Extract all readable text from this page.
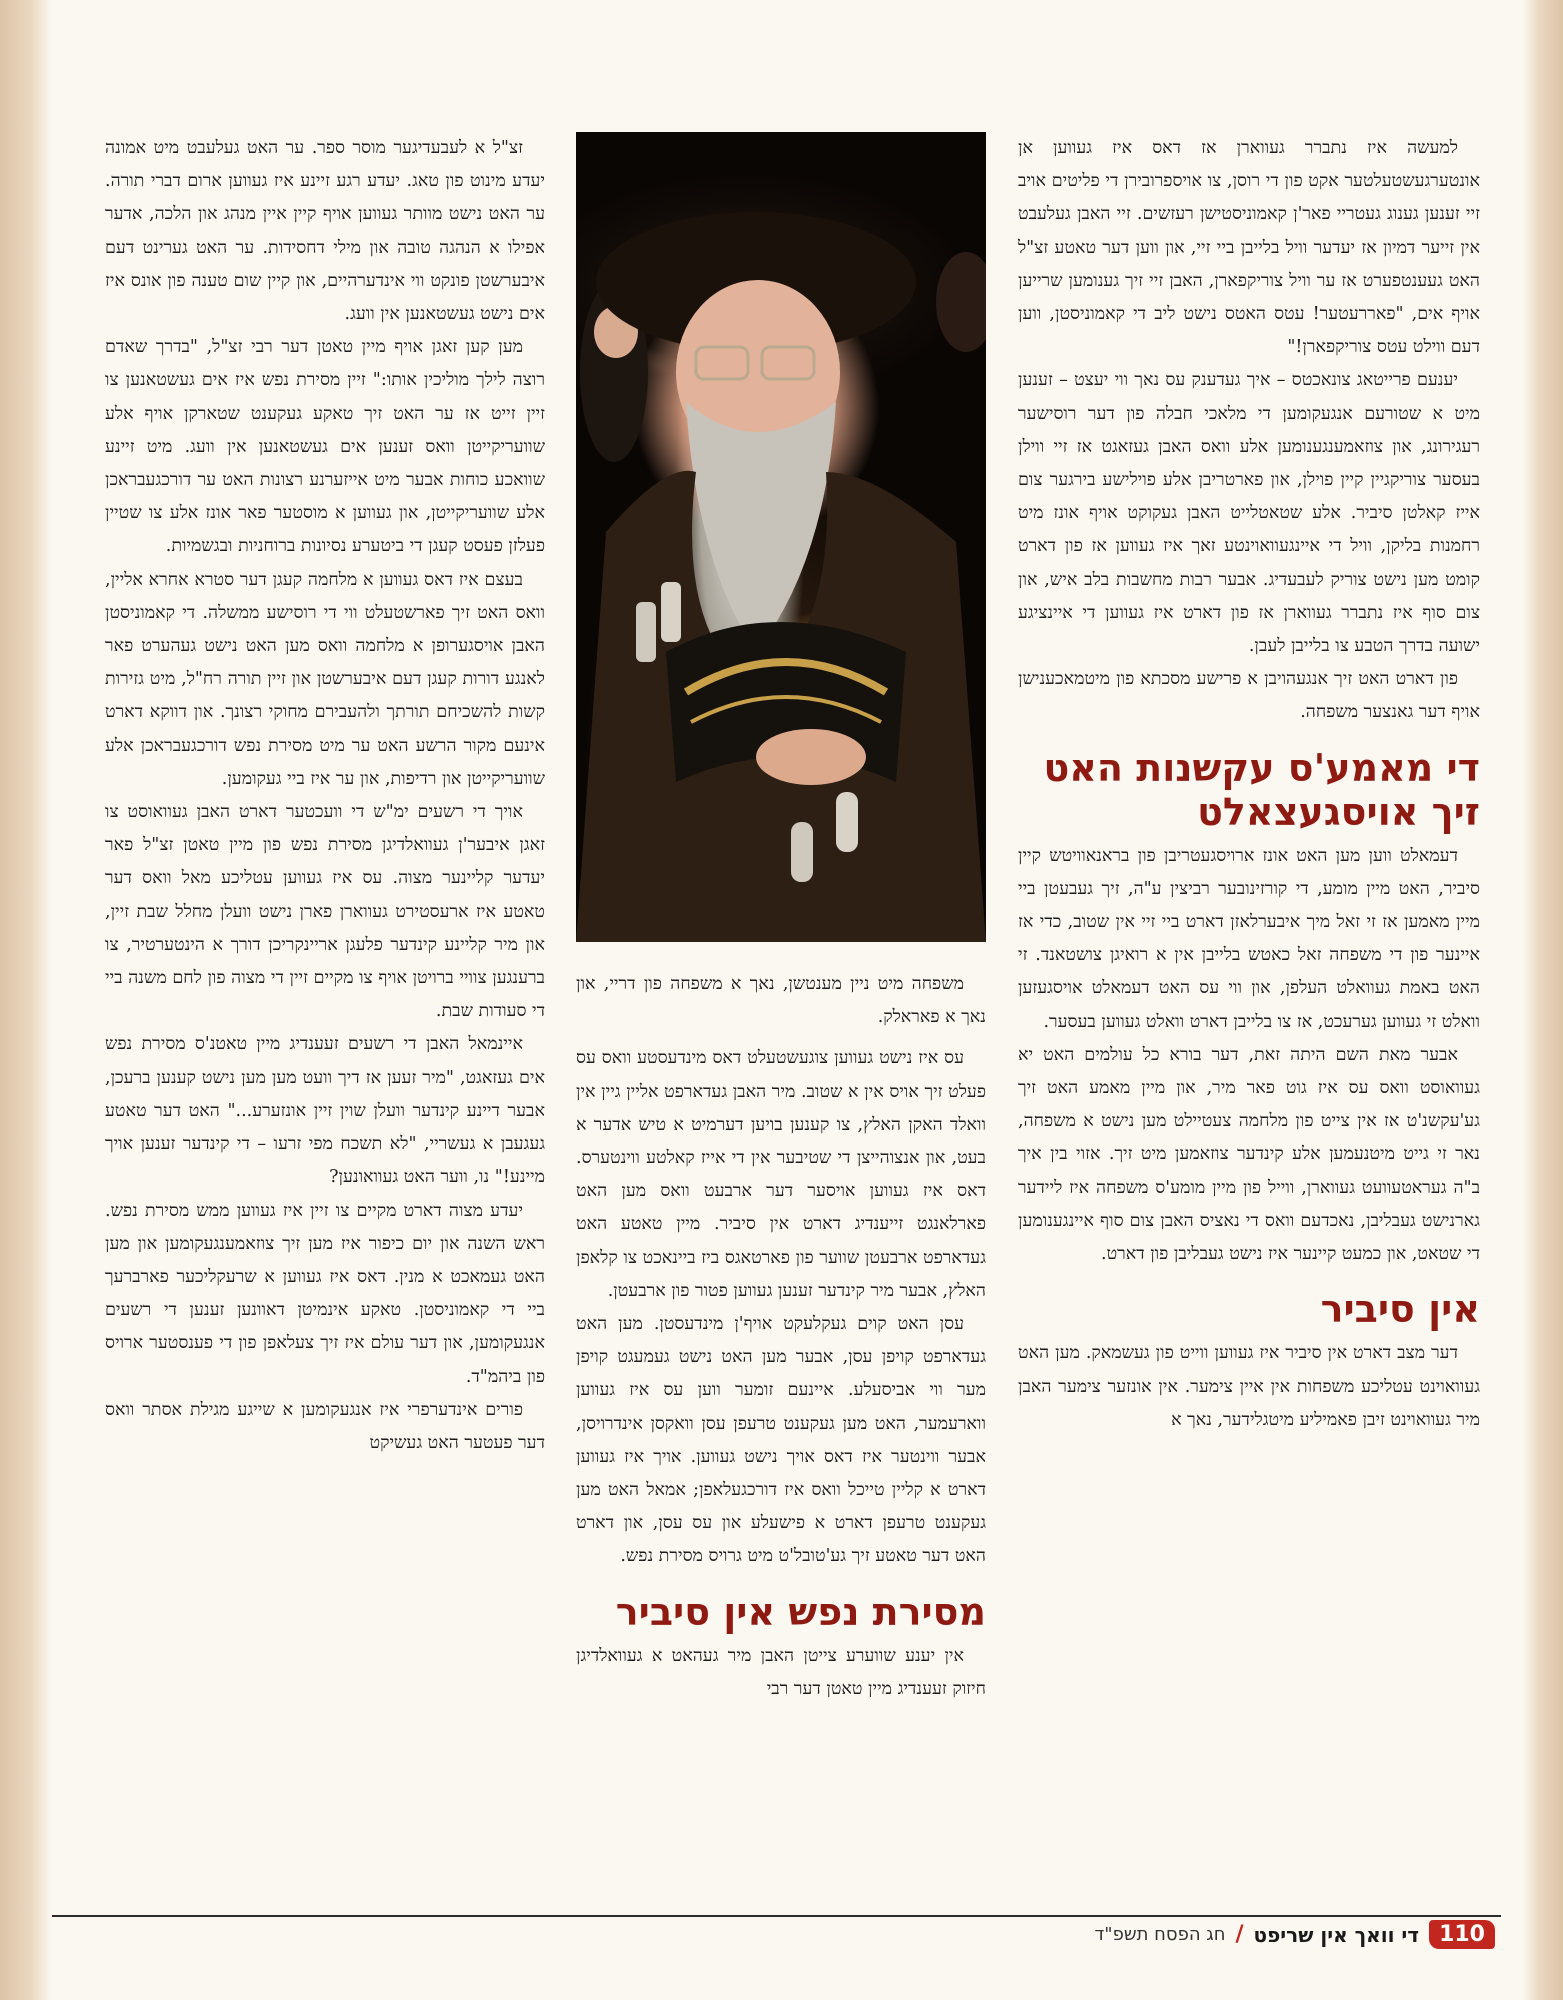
למעשה איז נתברר געווארן אז דאס איז געווען אן אונטערגעשטעלטער אקט פון די רוסן, צו אויספרובירן די פליטים אויב זיי זענען גענוג געטריי פאר'ן קאמוניסטישן רעזשים. זיי האבן געלעבט אין זייער דמיון אז יעדער וויל בלייבן ביי זיי, און ווען דער טאטע זצ"ל האט געענטפערט אז ער וויל צוריקפארן, האבן זיי זיך גענומען שרייען אויף אים, "פאררעטער! עטס האטס נישט ליב די קאמוניסטן, ווען דעם ווילט עטס צוריקפארן!"

יענעם פרייטאג צונאכטס – איך געדענק עס נאך ווי יעצט – זענען מיט א שטורעם אנגעקומען די מלאכי חבלה פון דער רוסישער רעגירונג, און צוזאמענגענומען אלע וואס האבן געזאגט אז זיי ווילן בעסער צוריקגיין קיין פוילן, און פארטריבן אלע פוילישע בירגער צום אייז קאלטן סיביר. אלע שטאטלייט האבן געקוקט אויף אונז מיט רחמנות בליקן, וויל די איינגעוואוינטע זאך איז געווען אז פון דארט קומט מען נישט צוריק לעבעדיג. אבער רבות מחשבות בלב איש, און צום סוף איז נתברר געווארן אז פון דארט איז געווען די איינציגע ישועה בדרך הטבע צו בלייבן לעבן.

פון דארט האט זיך אנגעהויבן א פרישע מסכתא פון מיטמאכענישן אויף דער גאנצער משפחה.

די מאמע'ס עקשנות האט זיך אויסגעצאלט

דעמאלט ווען מען האט אונז ארויסגעטריבן פון בראנאוויטש קיין סיביר, האט מיין מומע, די קורזינובער רביצין ע"ה, זיך געבעטן ביי מיין מאמען אז זי זאל מיך איבערלאזן דארט ביי זיי אין שטוב, כדי אז איינער פון די משפחה זאל כאטש בלייבן אין א רואיגן צושטאנד. זי האט באמת געוואלט העלפן, און ווי עס האט דעמאלט אויסגעזען וואלט זי געווען גערעכט, אז צו בלייבן דארט וואלט געווען בעסער.

אבער מאת השם היתה זאת, דער בורא כל עולמים האט יא געוואוסט וואס עס איז גוט פאר מיר, און מיין מאמע האט זיך גע'עקשנ'ט אז אין צייט פון מלחמה צעטיילט מען נישט א משפחה, נאר זי גייט מיטנעמען אלע קינדער צוזאמען מיט זיך. אזוי בין איך ב"ה געראטעוועט געווארן, ווייל פון מיין מומע'ס משפחה איז ליידער גארנישט געבליבן, נאכדעם וואס די נאציס האבן צום סוף איינגענומען די שטאט, און כמעט קיינער איז נישט געבליבן פון דארט.

אין סיביר

דער מצב דארט אין סיביר איז געווען ווייט פון געשמאק. מען האט געוואוינט עטליכע משפחות אין איין צימער. אין אונזער צימער האבן מיר געוואוינט זיבן פאמיליע מיטגלידער, נאך א

משפחה מיט ניין מענטשן, נאך א משפחה פון דריי, און נאך א פאראלק.

עס איז נישט געווען צוגעשטעלט דאס מינדעסטע וואס עס פעלט זיך אויס אין א שטוב. מיר האבן געדארפט אליין גיין אין וואלד האקן האלץ, צו קענען בויען דערמיט א טיש אדער א בעט, און אנצוהייצן די שטיבער אין די אייז קאלטע ווינטערס. דאס איז געווען אויסער דער ארבעט וואס מען האט פארלאנגט זייענדיג דארט אין סיביר. מיין טאטע האט געדארפט ארבעטן שווער פון פארטאגס ביז ביינאכט צו קלאפן האלץ, אבער מיר קינדער זענען געווען פטור פון ארבעטן.

עסן האט קוים געקלעקט אויף'ן מינדעסטן. מען האט געדארפט קויפן עסן, אבער מען האט נישט געמעגט קויפן מער ווי אביסעלע. איינעם זומער ווען עס איז געווען ווארעמער, האט מען געקענט טרעפן עסן וואקסן אינדרויסן, אבער ווינטער איז דאס אויך נישט געווען. אויך איז געווען דארט א קליין טייכל וואס איז דורכגעלאפן; אמאל האט מען געקענט טרעפן דארט א פישעלע און עס עסן, און דארט האט דער טאטע זיך גע'טובל'ט מיט גרויס מסירת נפש.

מסירת נפש אין סיביר

אין יענע שווערע צייטן האבן מיר געהאט א געוואלדיגן חיזוק זעענדיג מיין טאטן דער רבי

זצ"ל א לעבעדיגער מוסר ספר. ער האט געלעבט מיט אמונה יעדע מינוט פון טאג. יעדע רגע זיינע איז געווען ארום דברי תורה. ער האט נישט מוותר געווען אויף קיין איין מנהג און הלכה, אדער אפילו א הנהגה טובה און מילי דחסידות. ער האט גערינט דעם איבערשטן פונקט ווי אינדערהיים, און קיין שום טענה פון אונס איז אים נישט געשטאנען אין וועג.

מען קען זאגן אויף מיין טאטן דער רבי זצ"ל, "בדרך שאדם רוצה לילך מוליכין אותו:" זיין מסירת נפש איז אים געשטאנען צו זיין זייט אז ער האט זיך טאקע געקענט שטארקן אויף אלע שוועריקייטן וואס זענען אים געשטאנען אין וועג. מיט זיינע שוואכע כוחות אבער מיט אייזערנע רצונות האט ער דורכגעבראכן אלע שוועריקייטן, און געווען א מוסטער פאר אונז אלע צו שטיין פעלזן פעסט קעגן די ביטערע נסיונות ברוחניות ובגשמיות.

בעצם איז דאס געווען א מלחמה קעגן דער סטרא אחרא אליין, וואס האט זיך פארשטעלט ווי די רוסישע ממשלה. די קאמוניסטן האבן אויסגערופן א מלחמה וואס מען האט נישט געהערט פאר לאנגע דורות קעגן דעם איבערשטן און זיין תורה רח"ל, מיט גזירות קשות להשכיחם תורתך ולהעבירם מחוקי רצונך. און דווקא דארט אינעם מקור הרשע האט ער מיט מסירת נפש דורכגעבראכן אלע שוועריקייטן און רדיפות, און ער איז ביי געקומען.

אויך די רשעים ימ"ש די וועכטער דארט האבן געוואוסט צו זאגן איבער'ן געוואלדיגן מסירת נפש פון מיין טאטן זצ"ל פאר יעדער קליינער מצוה. עס איז געווען עטליכע מאל וואס דער טאטע איז ארעסטירט געווארן פארן נישט וועלן מחלל שבת זיין, און מיר קליינע קינדער פלעגן אריינקריכן דורך א הינטערטיר, צו ברענגען צוויי ברויטן אויף צו מקיים זיין די מצוה פון לחם משנה ביי די סעודות שבת.

איינמאל האבן די רשעים זעענדיג מיין טאטנ'ס מסירת נפש אים געזאגט, "מיר זעען אז דיך וועט מען מען נישט קענען ברעכן, אבער דיינע קינדער וועלן שוין זיין אונזערע..." האט דער טאטע געגעבן א געשריי, "לא תשכח מפי זרעו – די קינדער זענען אויך מיינע!" נו, ווער האט געוואונען?

יעדע מצוה דארט מקיים צו זיין איז געווען ממש מסירת נפש. ראש השנה און יום כיפור איז מען זיך צוזאמענגעקומען און מען האט געמאכט א מנין. דאס איז געווען א שרעקליכער פארברעך ביי די קאמוניסטן. טאקע אינמיטן דאוונען זענען די רשעים אנגעקומען, און דער עולם איז זיך צעלאפן פון די פענסטער ארויס פון ביהמ"ד.

פורים אינדערפרי איז אנגעקומען א שייגע מגילת אסתר וואס דער פעטער האט געשיקט

110
די וואך אין שריפט
/
חג הפסח תשפ"ד
